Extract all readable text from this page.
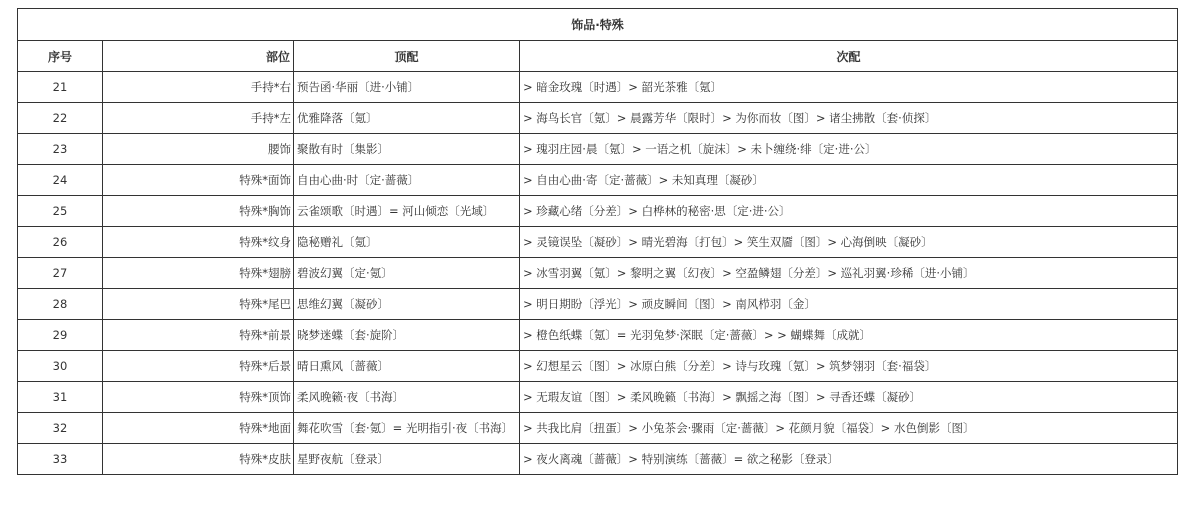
饰品·特殊			
序号	部位	顶配	次配
21	手持*右	预告函·华丽〔进·小铺〕	> 暗金玫瑰〔时遇〕> 韶光茶雅〔氪〕
22	手持*左	优雅降落〔氪〕	> 海鸟长官〔氪〕> 晨露芳华〔限时〕> 为你而妆〔图〕> 诸尘拂散〔套·侦探〕
23	腰饰	聚散有时〔集影〕	> 瑰羽庄园·晨〔氪〕> 一语之机〔旋沫〕> 未卜缠绕·绯〔定·进·公〕
24	特殊*面饰	自由心曲·时〔定·蔷薇〕	> 自由心曲·寄〔定·蔷薇〕> 未知真理〔凝砂〕
25	特殊*胸饰	云雀颂歌〔时遇〕= 河山倾恋〔光域〕	> 珍藏心绪〔分差〕> 白桦林的秘密·思〔定·进·公〕
26	特殊*纹身	隐秘赠礼〔氪〕	> 灵镜误坠〔凝砂〕> 晴光碧海〔打包〕> 笑生双靥〔图〕> 心海倒映〔凝砂〕
27	特殊*翅膀	碧波幻翼〔定·氪〕	> 冰雪羽翼〔氪〕> 黎明之翼〔幻夜〕> 空盈鳞翅〔分差〕> 巡礼羽翼·珍稀〔进·小铺〕
28	特殊*尾巴	思维幻翼〔凝砂〕	> 明日期盼〔浮光〕> 顽皮瞬间〔图〕> 南风栉羽〔金〕
29	特殊*前景	晓梦迷蝶〔套·旋阶〕	> 橙色纸蝶〔氪〕= 光羽兔梦·深眠〔定·蔷薇〕> > 蝴蝶舞〔成就〕
30	特殊*后景	晴日熏风〔蔷薇〕	> 幻想星云〔图〕> 冰原白熊〔分差〕> 诗与玫瑰〔氪〕> 筑梦翎羽〔套·福袋〕
31	特殊*顶饰	柔风晚籁·夜〔书海〕	> 无瑕友谊〔图〕> 柔风晚籁〔书海〕> 飘摇之海〔图〕> 寻香还蝶〔凝砂〕
32	特殊*地面	舞花吹雪〔套·氪〕= 光明指引·夜〔书海〕	> 共我比肩〔扭蛋〕> 小兔茶会·骤雨〔定·蔷薇〕> 花颜月貌〔福袋〕> 水色倒影〔图〕
33	特殊*皮肤	星野夜航〔登录〕	> 夜火离魂〔蔷薇〕> 特别演练〔蔷薇〕= 欲之秘影〔登录〕
